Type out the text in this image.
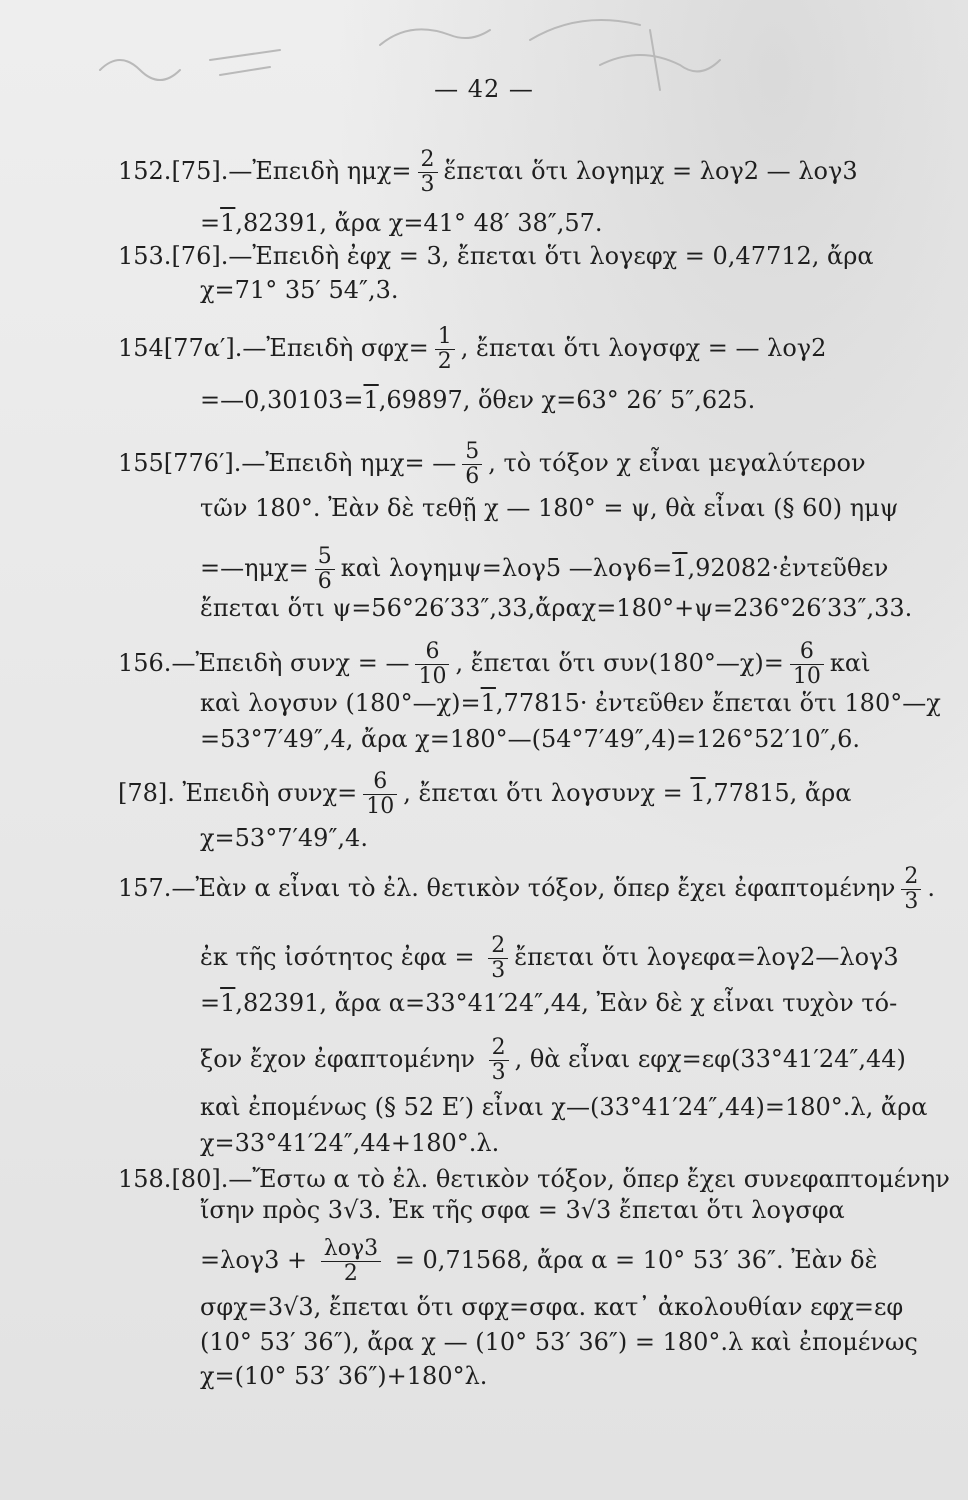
— 42 —
152.[75].—Ἐπειδὴ $\eta\mu\chi= \frac{2}{3}$ ἕπεται ὅτι λογημχ = λογ2 — λογ3
=1,82391, ἄρα χ=41° 48′ 38″,57.
153.[76].—Ἐπειδὴ ἐφχ = 3, ἔπεται ὅτι λογεφχ = 0,47712, ἄρα
χ=71° 35′ 54″,3.
154[77α′].—Ἐπειδὴ $\sigma\varphi\chi= \frac{1}{2}$ , ἔπεται ὅτι λογσφχ = — λογ2
=—0,30103=1,69897, ὅθεν χ=63° 26′ 5″,625.
155[776′].—Ἐπειδὴ ημχ= — $\frac{5}{6}$ , τὸ τόξον χ εἶναι μεγαλύτερον
τῶν 180°. Ἐὰν δὲ τεθῇ χ — 180° = ψ, θὰ εἶναι (§ 60) ημψ
=—ημχ= $\frac{5}{6}$ καὶ λογημψ=λογ5 —λογ6=1,92082·ἐντεῦθεν
ἔπεται ὅτι ψ=56°26′33″,33,ἄραχ=180°+ψ=236°26′33″,33.
156.—Ἐπειδὴ συνχ = — $\frac{6}{10}$ , ἔπεται ὅτι συν(180°—χ)= $\frac{6}{10}$ καὶ
καὶ λογσυν (180°—χ)=1,77815· ἐντεῦθεν ἔπεται ὅτι 180°—χ
=53°7′49″,4, ἄρα χ=180°—(54°7′49″,4)=126°52′10″,6.
[78]. Ἐπειδὴ $\sigma\upsilon\nu\chi= \frac{6}{10}$ , ἔπεται ὅτι λογσυνχ = 1,77815, ἄρα
χ=53°7′49″,4.
157.—Ἐὰν α εἶναι τὸ ἐλ. θετικὸν τόξον, ὅπερ ἔχει ἐφαπτομένην $\frac{2}{3}$ .
ἐκ τῆς ἰσότητος ἐφα = $\frac{2}{3}$ ἔπεται ὅτι λογεφα=λογ2—λογ3
=1,82391, ἄρα α=33°41′24″,44, Ἐὰν δὲ χ εἶναι τυχὸν τό-
ξον ἔχον ἐφαπτομένην $\frac{2}{3}$ , θὰ εἶναι εφχ=εφ(33°41′24″,44)
καὶ ἐπομένως (§ 52 Ε′) εἶναι χ—(33°41′24″,44)=180°.λ, ἄρα
χ=33°41′24″,44+180°.λ.
158.[80].—Ἔστω α τὸ ἐλ. θετικὸν τόξον, ὅπερ ἔχει συνεφαπτομένην
ἴσην πρὸς 3√3. Ἐκ τῆς σφα = 3√3 ἔπεται ὅτι λογσφα
$=\lambda o\gamma 3 + \frac{\text{λογ3}}{2} = 0,71568$, ἄρα α = 10° 53′ 36″. Ἐὰν δὲ
σφχ=3√3, ἔπεται ὅτι σφχ=σφα. κατ᾽ ἀκολουθίαν εφχ=εφ
(10° 53′ 36″), ἄρα χ — (10° 53′ 36″) = 180°.λ καὶ ἐπομένως
χ=(10° 53′ 36″)+180°λ.
